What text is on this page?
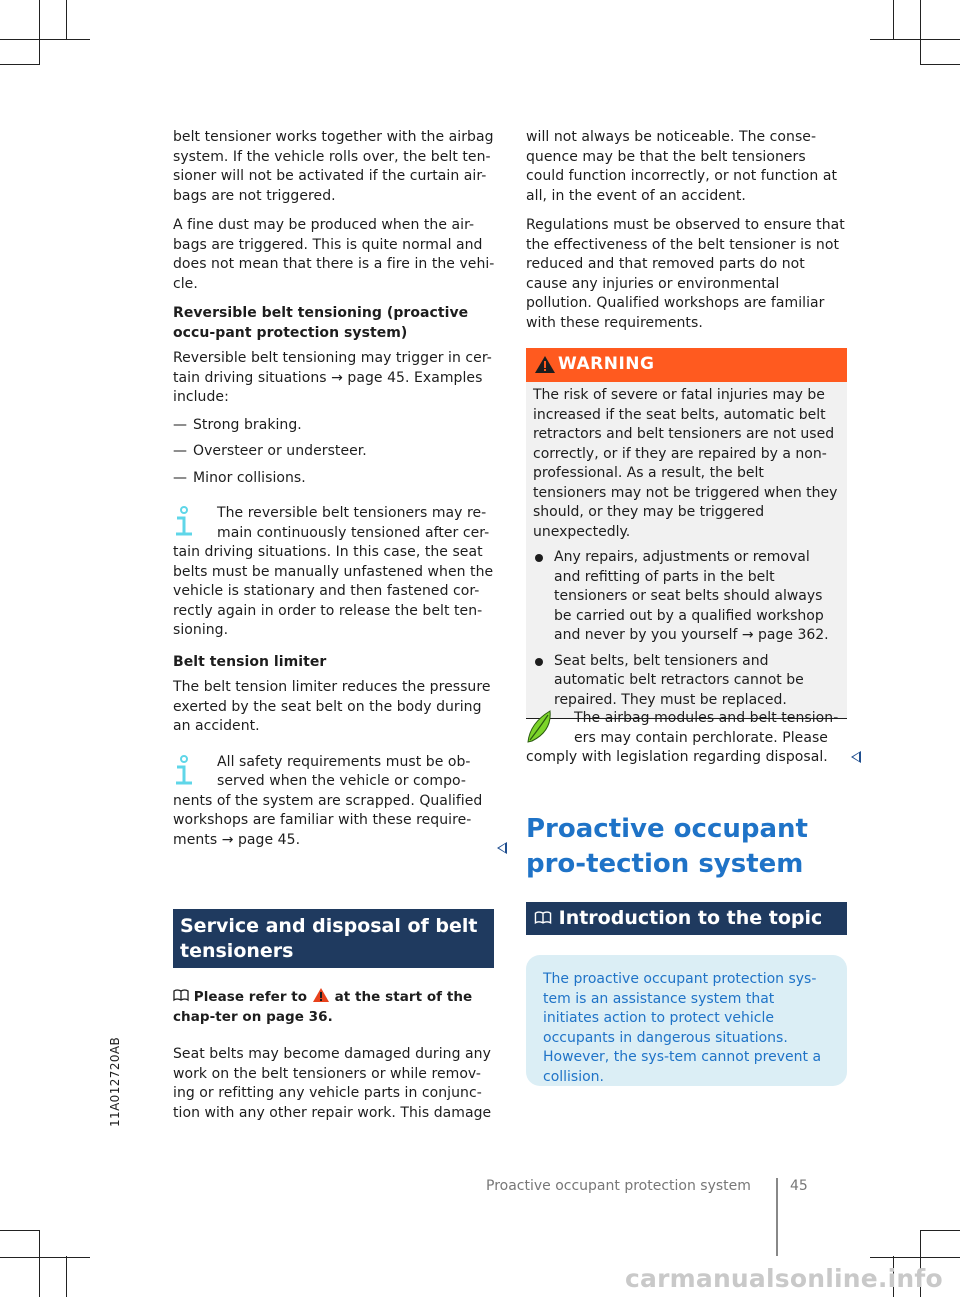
belt tensioner works together with the airbag system. If the vehicle rolls over, the belt ten-sioner will not be activated if the curtain air-bags are not triggered.

A fine dust may be produced when the air-bags are triggered. This is quite normal and does not mean that there is a fire in the vehi-cle.

Reversible belt tensioning (proactive occu-pant protection system)

Reversible belt tensioning may trigger in cer-tain driving situations → page 45. Examples include:

— Strong braking.
— Oversteer or understeer.
— Minor collisions.
The reversible belt tensioners may re-main continuously tensioned after cer-
tain driving situations. In this case, the seat belts must be manually unfastened when the vehicle is stationary and then fastened cor-rectly again in order to release the belt ten-sioning.

Belt tension limiter

The belt tension limiter reduces the pressure exerted by the seat belt on the body during an accident.

All safety requirements must be ob-served when the vehicle or compo-
nents of the system are scrapped. Qualified workshops are familiar with these require-ments → page 45.
Service and disposal of belt tensioners

Please refer to at the start of the chap-ter on page 36.

Seat belts may become damaged during any work on the belt tensioners or while remov-ing or refitting any vehicle parts in conjunc-tion with any other repair work. This damage

will not always be noticeable. The conse-quence may be that the belt tensioners could function incorrectly, or not function at all, in the event of an accident.

Regulations must be observed to ensure that the effectiveness of the belt tensioner is not reduced and that removed parts do not cause any injuries or environmental pollution. Qualified workshops are familiar with these requirements.

WARNING
The risk of severe or fatal injuries may be increased if the seat belts, automatic belt retractors and belt tensioners are not used correctly, or if they are repaired by a non-professional. As a result, the belt tensioners may not be triggered when they should, or they may be triggered unexpectedly.
Any repairs, adjustments or removal and refitting of parts in the belt tensioners or seat belts should always be carried out by a qualified workshop and never by you yourself → page 362.
Seat belts, belt tensioners and automatic belt retractors cannot be repaired. They must be replaced.
The airbag modules and belt tension-ers may contain perchlorate. Please
comply with legislation regarding disposal.
Proactive occupant pro-tection system
Introduction to the topic
The proactive occupant protection sys-tem is an assistance system that initiates action to protect vehicle occupants in dangerous situations. However, the sys-tem cannot prevent a collision.
Proactive occupant protection system	45
11A012720AB
carmanualsonline.info
